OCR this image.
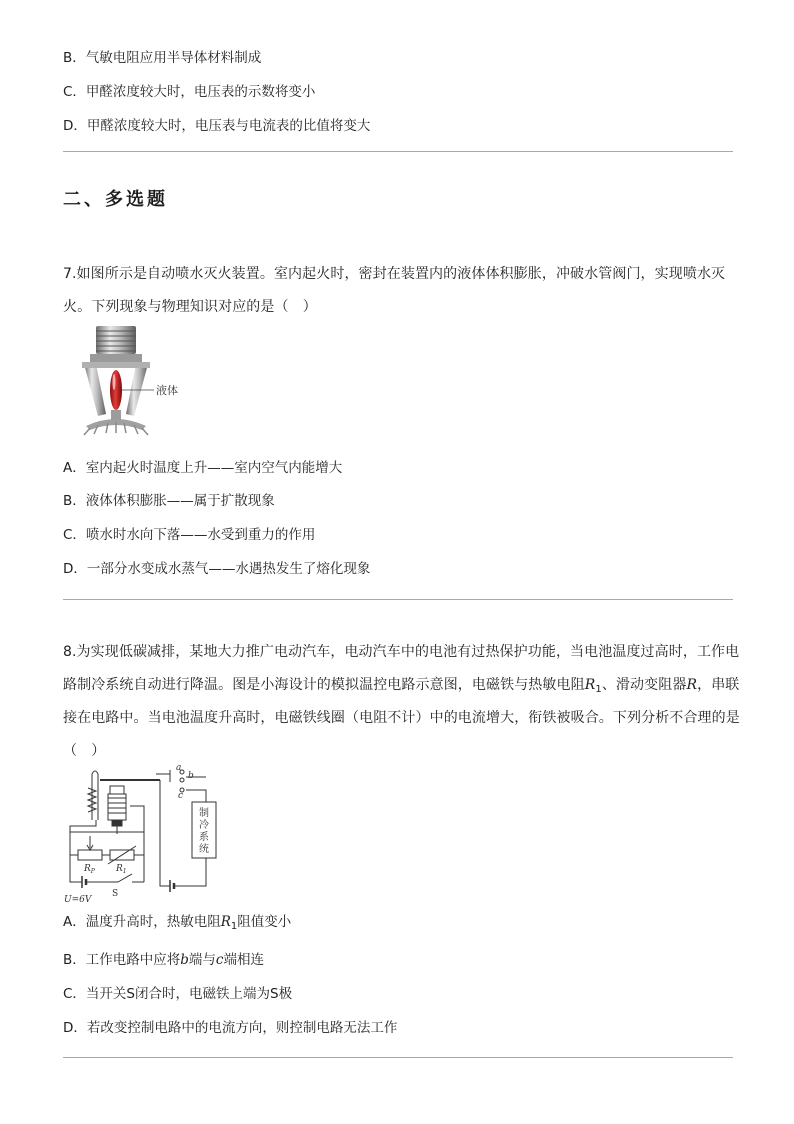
B．气敏电阻应用半导体材料制成
C．甲醛浓度较大时，电压表的示数将变小
D．甲醛浓度较大时，电压表与电流表的比值将变大
二、多选题
7.如图所示是自动喷水灭火装置。室内起火时，密封在装置内的液体体积膨胀，冲破水管阀门，实现喷水灭
火。下列现象与物理知识对应的是（　）
液体
A．室内起火时温度上升——室内空气内能增大
B．液体体积膨胀——属于扩散现象
C．喷水时水向下落——水受到重力的作用
D．一部分水变成水蒸气——水遇热发生了熔化现象
8.为实现低碳减排，某地大力推广电动汽车，电动汽车中的电池有过热保护功能，当电池温度过高时，工作电
路制冷系统自动进行降温。图是小海设计的模拟温控电路示意图，电磁铁与热敏电阻$R_1$、滑动变阻器R，串联
接在电路中。当电池温度升高时，电磁铁线圈（电阻不计）中的电流增大，衔铁被吸合。下列分析不合理的是
（　）
a
b
c
制
冷
系
统
$R_P$ $R_1$
S
U=6V
A．温度升高时，热敏电阻$R_1$阻值变小
B．工作电路中应将b端与c端相连
C．当开关S闭合时，电磁铁上端为S极
D．若改变控制电路中的电流方向，则控制电路无法工作
